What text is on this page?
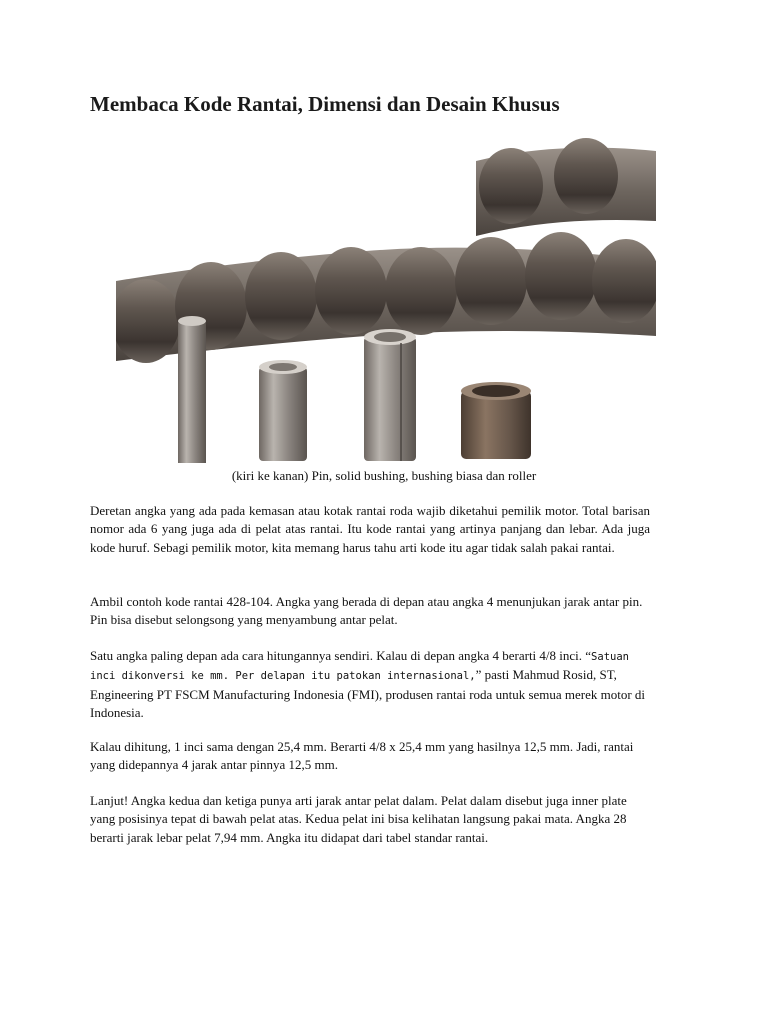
Membaca Kode Rantai, Dimensi dan Desain Khusus
(kiri ke kanan) Pin, solid bushing, bushing biasa dan roller

Deretan angka yang ada pada kemasan atau kotak rantai roda wajib diketahui pemilik motor. Total barisan nomor ada 6 yang juga ada di pelat atas rantai. Itu kode rantai yang artinya panjang dan lebar. Ada juga kode huruf. Sebagi pemilik motor, kita memang harus tahu arti kode itu agar tidak salah pakai rantai.

Ambil contoh kode rantai 428-104. Angka yang berada di depan atau angka 4 menunjukan jarak antar pin. Pin bisa disebut selongsong yang menyambung antar pelat.

Satu angka paling depan ada cara hitungannya sendiri. Kalau di depan angka 4 berarti 4/8 inci. “Satuan inci dikonversi ke mm. Per delapan itu patokan internasional,” pasti Mahmud Rosid, ST, Engineering PT FSCM Manufacturing Indonesia (FMI), produsen rantai roda untuk semua merek motor di Indonesia.

Kalau dihitung, 1 inci sama dengan 25,4 mm. Berarti 4/8 x 25,4 mm yang hasilnya 12,5 mm. Jadi, rantai yang didepannya 4 jarak antar pinnya 12,5 mm.

Lanjut! Angka kedua dan ketiga punya arti jarak antar pelat dalam. Pelat dalam disebut juga inner plate yang posisinya tepat di bawah pelat atas. Kedua pelat ini bisa kelihatan langsung pakai mata. Angka 28 berarti jarak lebar pelat 7,94 mm. Angka itu didapat dari tabel standar rantai.
